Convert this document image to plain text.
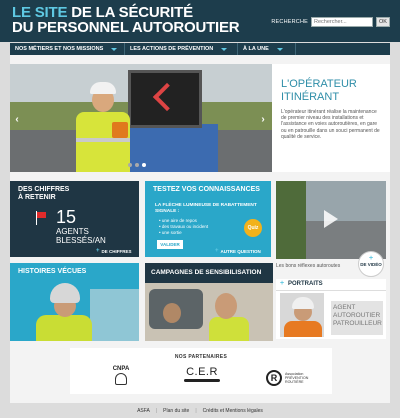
LE SITE DE LA SÉCURITÉ
DU PERSONNEL AUTOROUTIER	RECHERCHE
Rechercher...	OK
NOS MÉTIERS ET NOS MISSIONS	LES ACTIONS DE PRÉVENTION	À LA UNE
‹	›
L'OPÉRATEUR
ITINÉRANT
L'opérateur itinérant réalise la maintenance de premier niveau des installations et l'assistance en voies autoroutières, en gare ou en patrouille dans un souci permanent de qualité de service.
DES CHIFFRES
À RETENIR
15
AGENTS
BLESSÉS/AN
+ DE CHIFFRES
TESTEZ VOS CONNAISSANCES
LA FLÈCHE LUMINEUSE DE RABATTEMENT
SIGNALE :
• une aire de repos
• des travaux ou incident
• une sortie
VALIDER
Quiz
+ AUTRE QUESTION
+
DE VIDÉO
Les bons réflexes autoroutes
HISTOIRES VÉCUES	CAMPAGNES DE SENSIBILISATION
+ PORTRAITS
AGENT
AUTOROUTIER
PATROUILLEUR
NOS PARTENAIRES
CNPA	C.E.R	R	Association
PRÉVENTION
ROUTIÈRE
ASFA | Plan du site | Crédits et Mentions légales
